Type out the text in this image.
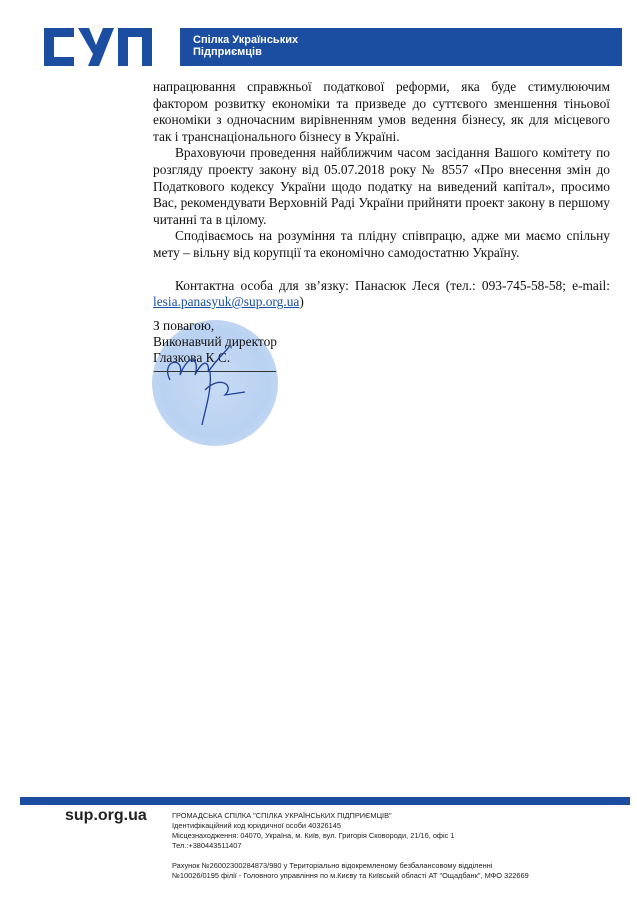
Спілка Українських
Підприємців

напрацювання справжньої податкової реформи, яка буде стимулюючим фактором розвитку економіки та призведе до суттєвого зменшення тіньової економіки з одночасним вирівненням умов ведення бізнесу, як для місцевого так і транснаціонального бізнесу в Україні.

Враховуючи проведення найближчим часом засідання Вашого комітету по розгляду проекту закону від 05.07.2018 року № 8557 «Про внесення змін до Податкового кодексу України щодо податку на виведений капітал», просимо Вас, рекомендувати Верховній Раді України прийняти проект закону в першому читанні та в цілому.

Сподіваємось на розуміння та плідну співпрацю, адже ми маємо спільну мету – вільну від корупції та економічно самодостатню Україну.

Контактна особа для зв’язку: Панасюк Леся (тел.: 093-745-58-58; e-mail: lesia.panasyuk@sup.org.ua)

З повагою,
Виконавчий директор
Глазкова К.С.
sup.org.ua	ГРОМАДСЬКА СПІЛКА "СПІЛКА УКРАЇНСЬКИХ ПІДПРИЄМЦІВ"
Ідентифікаційний код юридичної особи 40326145
Місцезнаходження: 04070, Україна, м. Київ, вул. Григорія Сковороди, 21/16, офіс 1
Тел.:+380443511407
Рахунок №26002300284873/980 у Територіально відокремленому безбалансовому відділенні
№10026/0195 філії - Головного управління по м.Києву та Київській області АТ "Ощадбанк", МФО 322669
